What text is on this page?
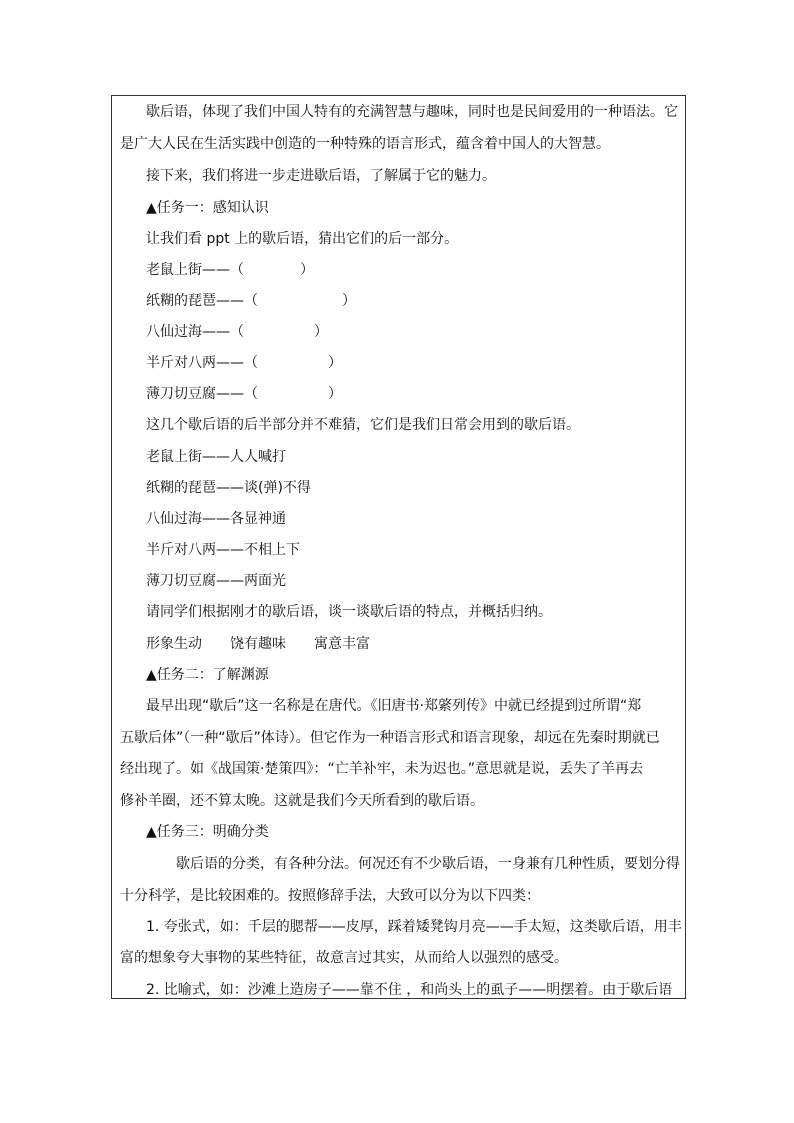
歇后语，体现了我们中国人特有的充满智慧与趣味，同时也是民间爱用的一种语法。它
是广大人民在生活实践中创造的一种特殊的语言形式，蕴含着中国人的大智慧。
接下来，我们将进一步走进歇后语，了解属于它的魅力。
▲任务一：感知认识
让我们看 ppt 上的歇后语，猜出它们的后一部分。
老鼠上街——（　　　　）
纸糊的琵琶——（　　　　　　）
八仙过海——（　　　　　）
半斤对八两——（　　　　　）
薄刀切豆腐——（　　　　　）
这几个歇后语的后半部分并不难猜，它们是我们日常会用到的歇后语。
老鼠上街——人人喊打
纸糊的琵琶——谈(弹)不得
八仙过海——各显神通
半斤对八两——不相上下
薄刀切豆腐——两面光
请同学们根据刚才的歇后语，谈一谈歇后语的特点，并概括归纳。
形象生动　　饶有趣味　　寓意丰富
▲任务二：了解渊源
最早出现“歇后”这一名称是在唐代。《旧唐书·郑綮列传》中就已经提到过所谓“郑
五歇后体”（一种“歇后”体诗）。但它作为一种语言形式和语言现象，却远在先秦时期就已
经出现了。如《战国策·楚策四》：“亡羊补牢，未为迟也。”意思就是说，丢失了羊再去
修补羊圈，还不算太晚。这就是我们今天所看到的歇后语。
▲任务三：明确分类
歇后语的分类，有各种分法。何况还有不少歇后语，一身兼有几种性质，要划分得
十分科学，是比较困难的。按照修辞手法，大致可以分为以下四类：
1. 夸张式，如：千层的腮帮——皮厚，踩着矮凳钩月亮——手太短，这类歇后语，用丰
富的想象夸大事物的某些特征，故意言过其实，从而给人以强烈的感受。
2. 比喻式，如：沙滩上造房子——靠不住 ，和尚头上的虱子——明摆着。由于歇后语
